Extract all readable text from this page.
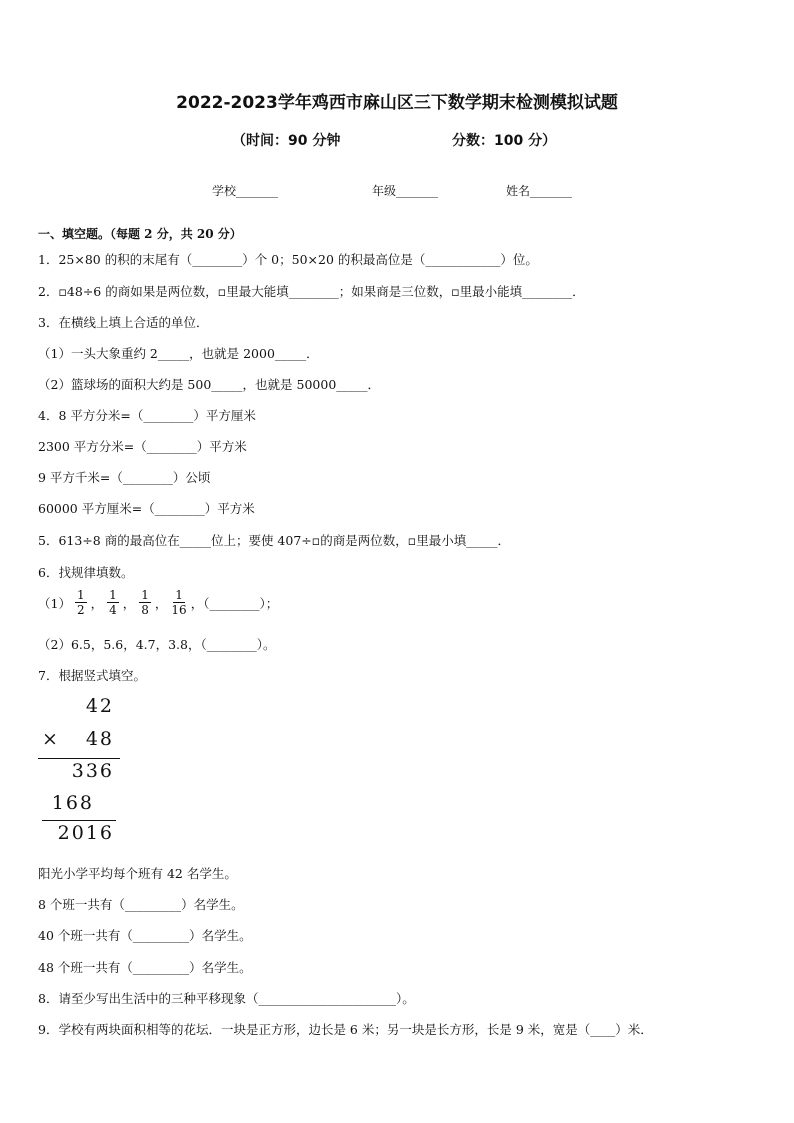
2022-2023学年鸡西市麻山区三下数学期末检测模拟试题
（时间：90 分钟	分数：100 分）
学校_______	年级_______	姓名_______
一、填空题。（每题 2 分，共 20 分）
1．25×80 的积的末尾有（________）个 0；50×20 的积最高位是（____________）位。
2．▫48÷6 的商如果是两位数，▫里最大能填________；如果商是三位数，▫里最小能填________．
3．在横线上填上合适的单位．
（1）一头大象重约 2_____，也就是 2000_____．
（2）篮球场的面积大约是 500_____，也就是 50000_____．
4．8 平方分米=（________）平方厘米
2300 平方分米=（________）平方米
9 平方千米=（________）公顷
60000 平方厘米=（________）平方米
5．613÷8 商的最高位在_____位上；要使 407÷▫的商是两位数，▫里最小填_____．
6．找规律填数。
$(1) \frac{1}{2}$ ， $\frac{1}{4}$ ， $\frac{1}{8}$ ， $\frac{1}{16}$ ，（________）；
（2）6.5，5.6，4.7，3.8，（________）。
7．根据竖式填空。
42
× 48
336
168
2016
阳光小学平均每个班有 42 名学生。
8 个班一共有（_________）名学生。
40 个班一共有（_________）名学生。
48 个班一共有（_________）名学生。
8．请至少写出生活中的三种平移现象（______________________）。
9．学校有两块面积相等的花坛．一块是正方形，边长是 6 米；另一块是长方形，长是 9 米，宽是（____）米．
